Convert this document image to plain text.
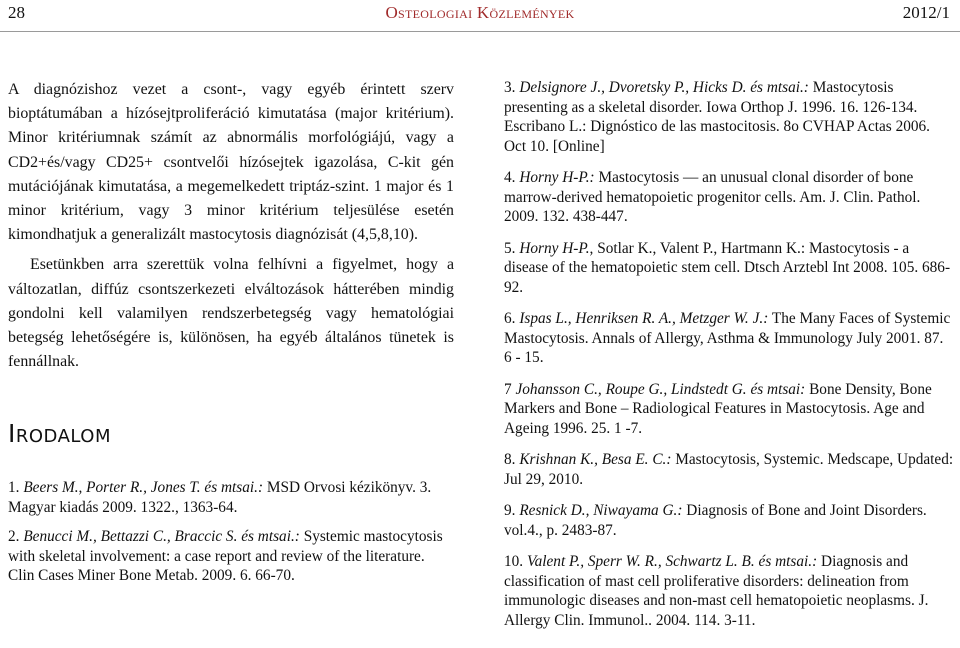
28	Osteologiai Közlemények	2012/1

A diagnózishoz vezet a csont-, vagy egyéb érintett szerv bioptátumában a hízósejtproliferáció kimutatása (major kritérium). Minor kritériumnak számít az abnormális morfológiájú, vagy a CD2+és/vagy CD25+ csontvelői hízósejtek igazolása, C-kit gén mutációjának kimutatása, a megemelkedett triptáz-szint. 1 major és 1 minor kritérium, vagy 3 minor kritérium teljesülése esetén kimondhatjuk a generalizált mastocytosis diagnózisát (4,5,8,10).

Esetünkben arra szerettük volna felhívni a figyelmet, hogy a változatlan, diffúz csontszerkezeti elváltozások hátterében mindig gondolni kell valamilyen rendszerbetegség vagy hematológiai betegség lehetőségére is, különösen, ha egyéb általános tünetek is fennállnak.

Irodalom

1. Beers M., Porter R., Jones T. és mtsai.: MSD Orvosi kézikönyv. 3. Magyar kiadás 2009. 1322., 1363-64.

2. Benucci M., Bettazzi C., Braccic S. és mtsai.: Systemic mastocytosis with skeletal involvement: a case report and review of the literature. Clin Cases Miner Bone Metab. 2009. 6. 66-70.

3. Delsignore J., Dvoretsky P., Hicks D. és mtsai.: Mastocytosis presenting as a skeletal disorder. Iowa Orthop J. 1996. 16. 126-134. Escribano L.: Dignóstico de las mastocitosis. 8o CVHAP Actas 2006. Oct 10. [Online]

4. Horny H-P.: Mastocytosis — an unusual clonal disorder of bone marrow-derived hematopoietic progenitor cells. Am. J. Clin. Pathol. 2009. 132. 438-447.

5. Horny H-P., Sotlar K., Valent P., Hartmann K.: Mastocytosis - a disease of the hematopoietic stem cell. Dtsch Arztebl Int 2008. 105. 686-92.

6. Ispas L., Henriksen R. A., Metzger W. J.: The Many Faces of Systemic Mastocytosis. Annals of Allergy, Asthma & Immunology July 2001. 87. 6 - 15.

7 Johansson C., Roupe G., Lindstedt G. és mtsai: Bone Density, Bone Markers and Bone – Radiological Features in Mastocytosis. Age and Ageing 1996. 25. 1 -7.

8. Krishnan K., Besa E. C.: Mastocytosis, Systemic. Medscape, Updated: Jul 29, 2010.

9. Resnick D., Niwayama G.: Diagnosis of Bone and Joint Disorders. vol.4., p. 2483-87.

10. Valent P., Sperr W. R., Schwartz L. B. és mtsai.: Diagnosis and classification of mast cell proliferative disorders: delineation from immunologic diseases and non-mast cell hematopoietic neoplasms. J. Allergy Clin. Immunol.. 2004. 114. 3-11.
